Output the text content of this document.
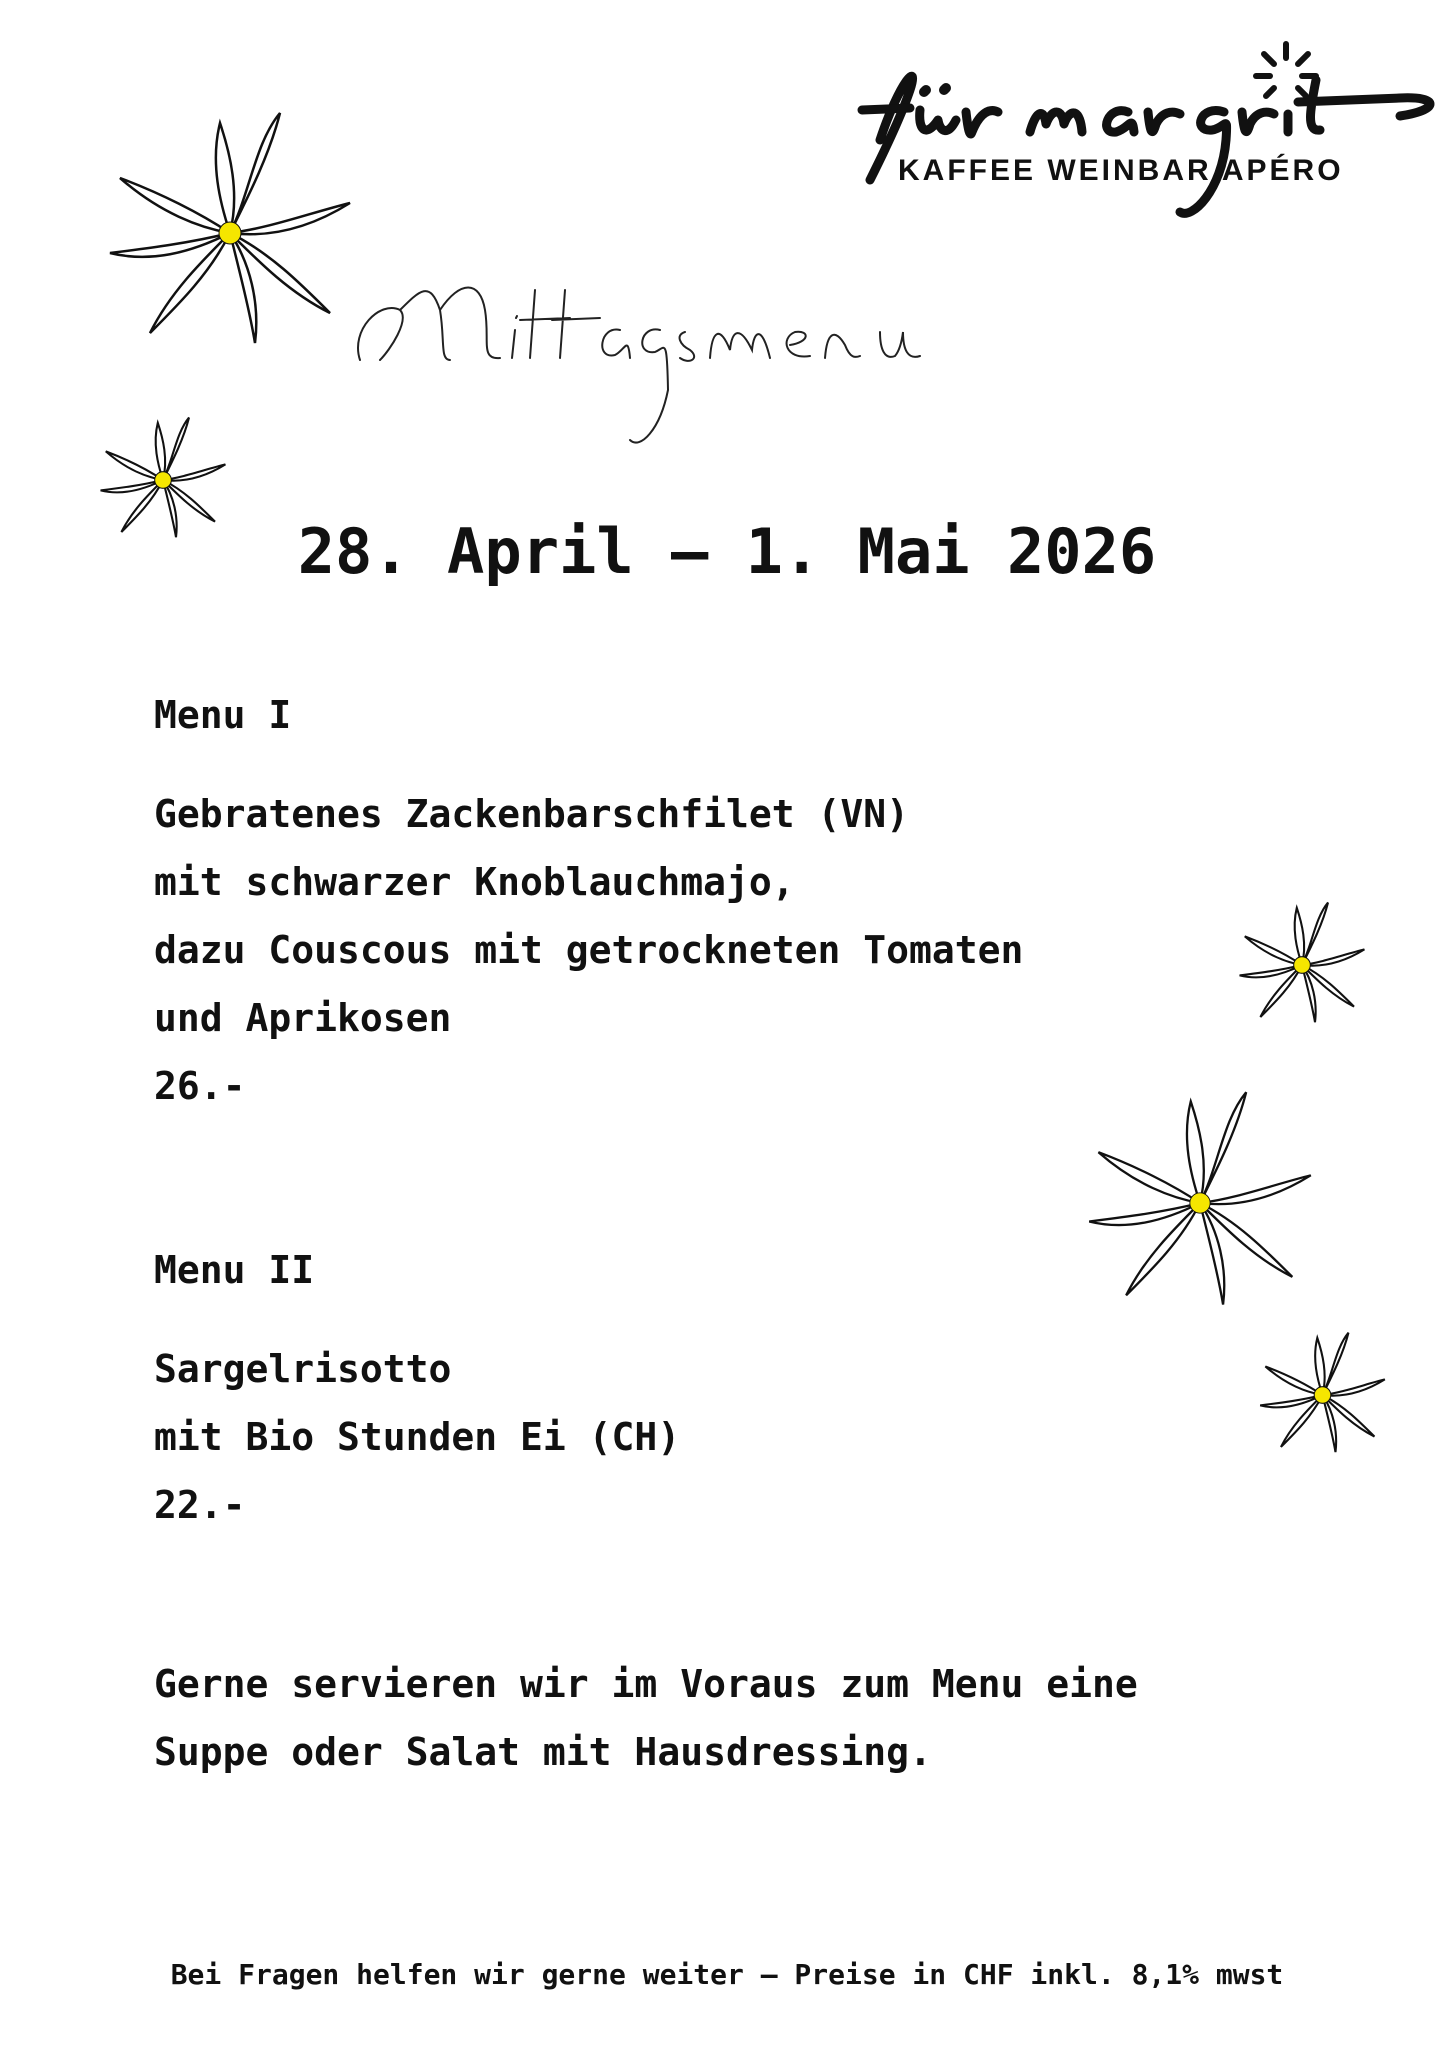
KAFFEE WEINBAR APÉRO
28. April – 1. Mai 2026

Menu I

Gebratenes Zackenbarschfilet (VN)
mit schwarzer Knoblauchmajo,
dazu Couscous mit getrockneten Tomaten
und Aprikosen
26.-

Menu II

Sargelrisotto
mit Bio Stunden Ei (CH)
22.-
Gerne servieren wir im Voraus zum Menu eine
Suppe oder Salat mit Hausdressing.
Bei Fragen helfen wir gerne weiter – Preise in CHF inkl. 8,1% mwst
